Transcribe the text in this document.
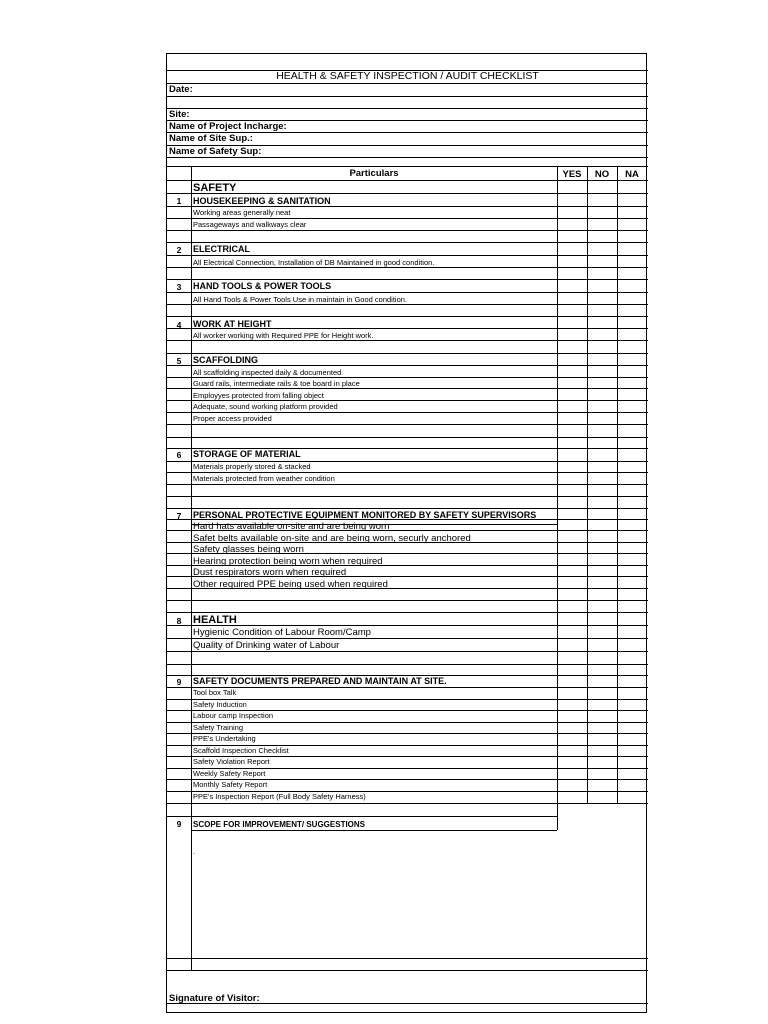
HEALTH & SAFETY INSPECTION / AUDIT CHECKLIST
Date:
Site:
Name of Project Incharge:
Name of Site Sup.:
Name of Safety Sup:
Particulars	YES	NO	NA
SAFETY
1	HOUSEKEEPING & SANITATION
Working areas generally neat
Passageways and walkways clear
2	ELECTRICAL
All Electrical Connection, Installation of DB Maintained in good condition.
3	HAND TOOLS & POWER TOOLS
All Hand Tools & Power Tools Use in maintain in Good condition.
4	WORK AT HEIGHT
All worker working with Required PPE for Height work.
5	SCAFFOLDING
All scaffolding inspected daily & documented
Guard rails, intermediate rails & toe board in place
Employyes protected from falling object
Adequate, sound working platform provided
Proper access provided
6	STORAGE OF MATERIAL
Materials properly stored & stacked
Materials protected from weather condition
7	PERSONAL PROTECTIVE EQUIPMENT MONITORED BY SAFETY SUPERVISORS
Hard hats available on-site and are being worn
Safet belts available on-site and are being worn, securly anchored
Safety glasses being worn
Hearing protection being worn when required
Dust respirators worn when required
Other required PPE being used when required
8	HEALTH
Hygienic Condition of Labour Room/Camp
Quality of Drinking water of Labour
9	SAFETY DOCUMENTS PREPARED AND MAINTAIN AT SITE.
Tool box Talk
Safety Induction
Labour camp Inspection
Safety Training
PPE's Undertaking
Scaffold Inspection Checklist
Safety Violation Report
Weekly Safety Report
Monthly Safety Report
PPE's Inspection Report (Full Body Safety Harness)
9	SCOPE FOR IMPROVEMENT/ SUGGESTIONS
.
Signature of Visitor:
